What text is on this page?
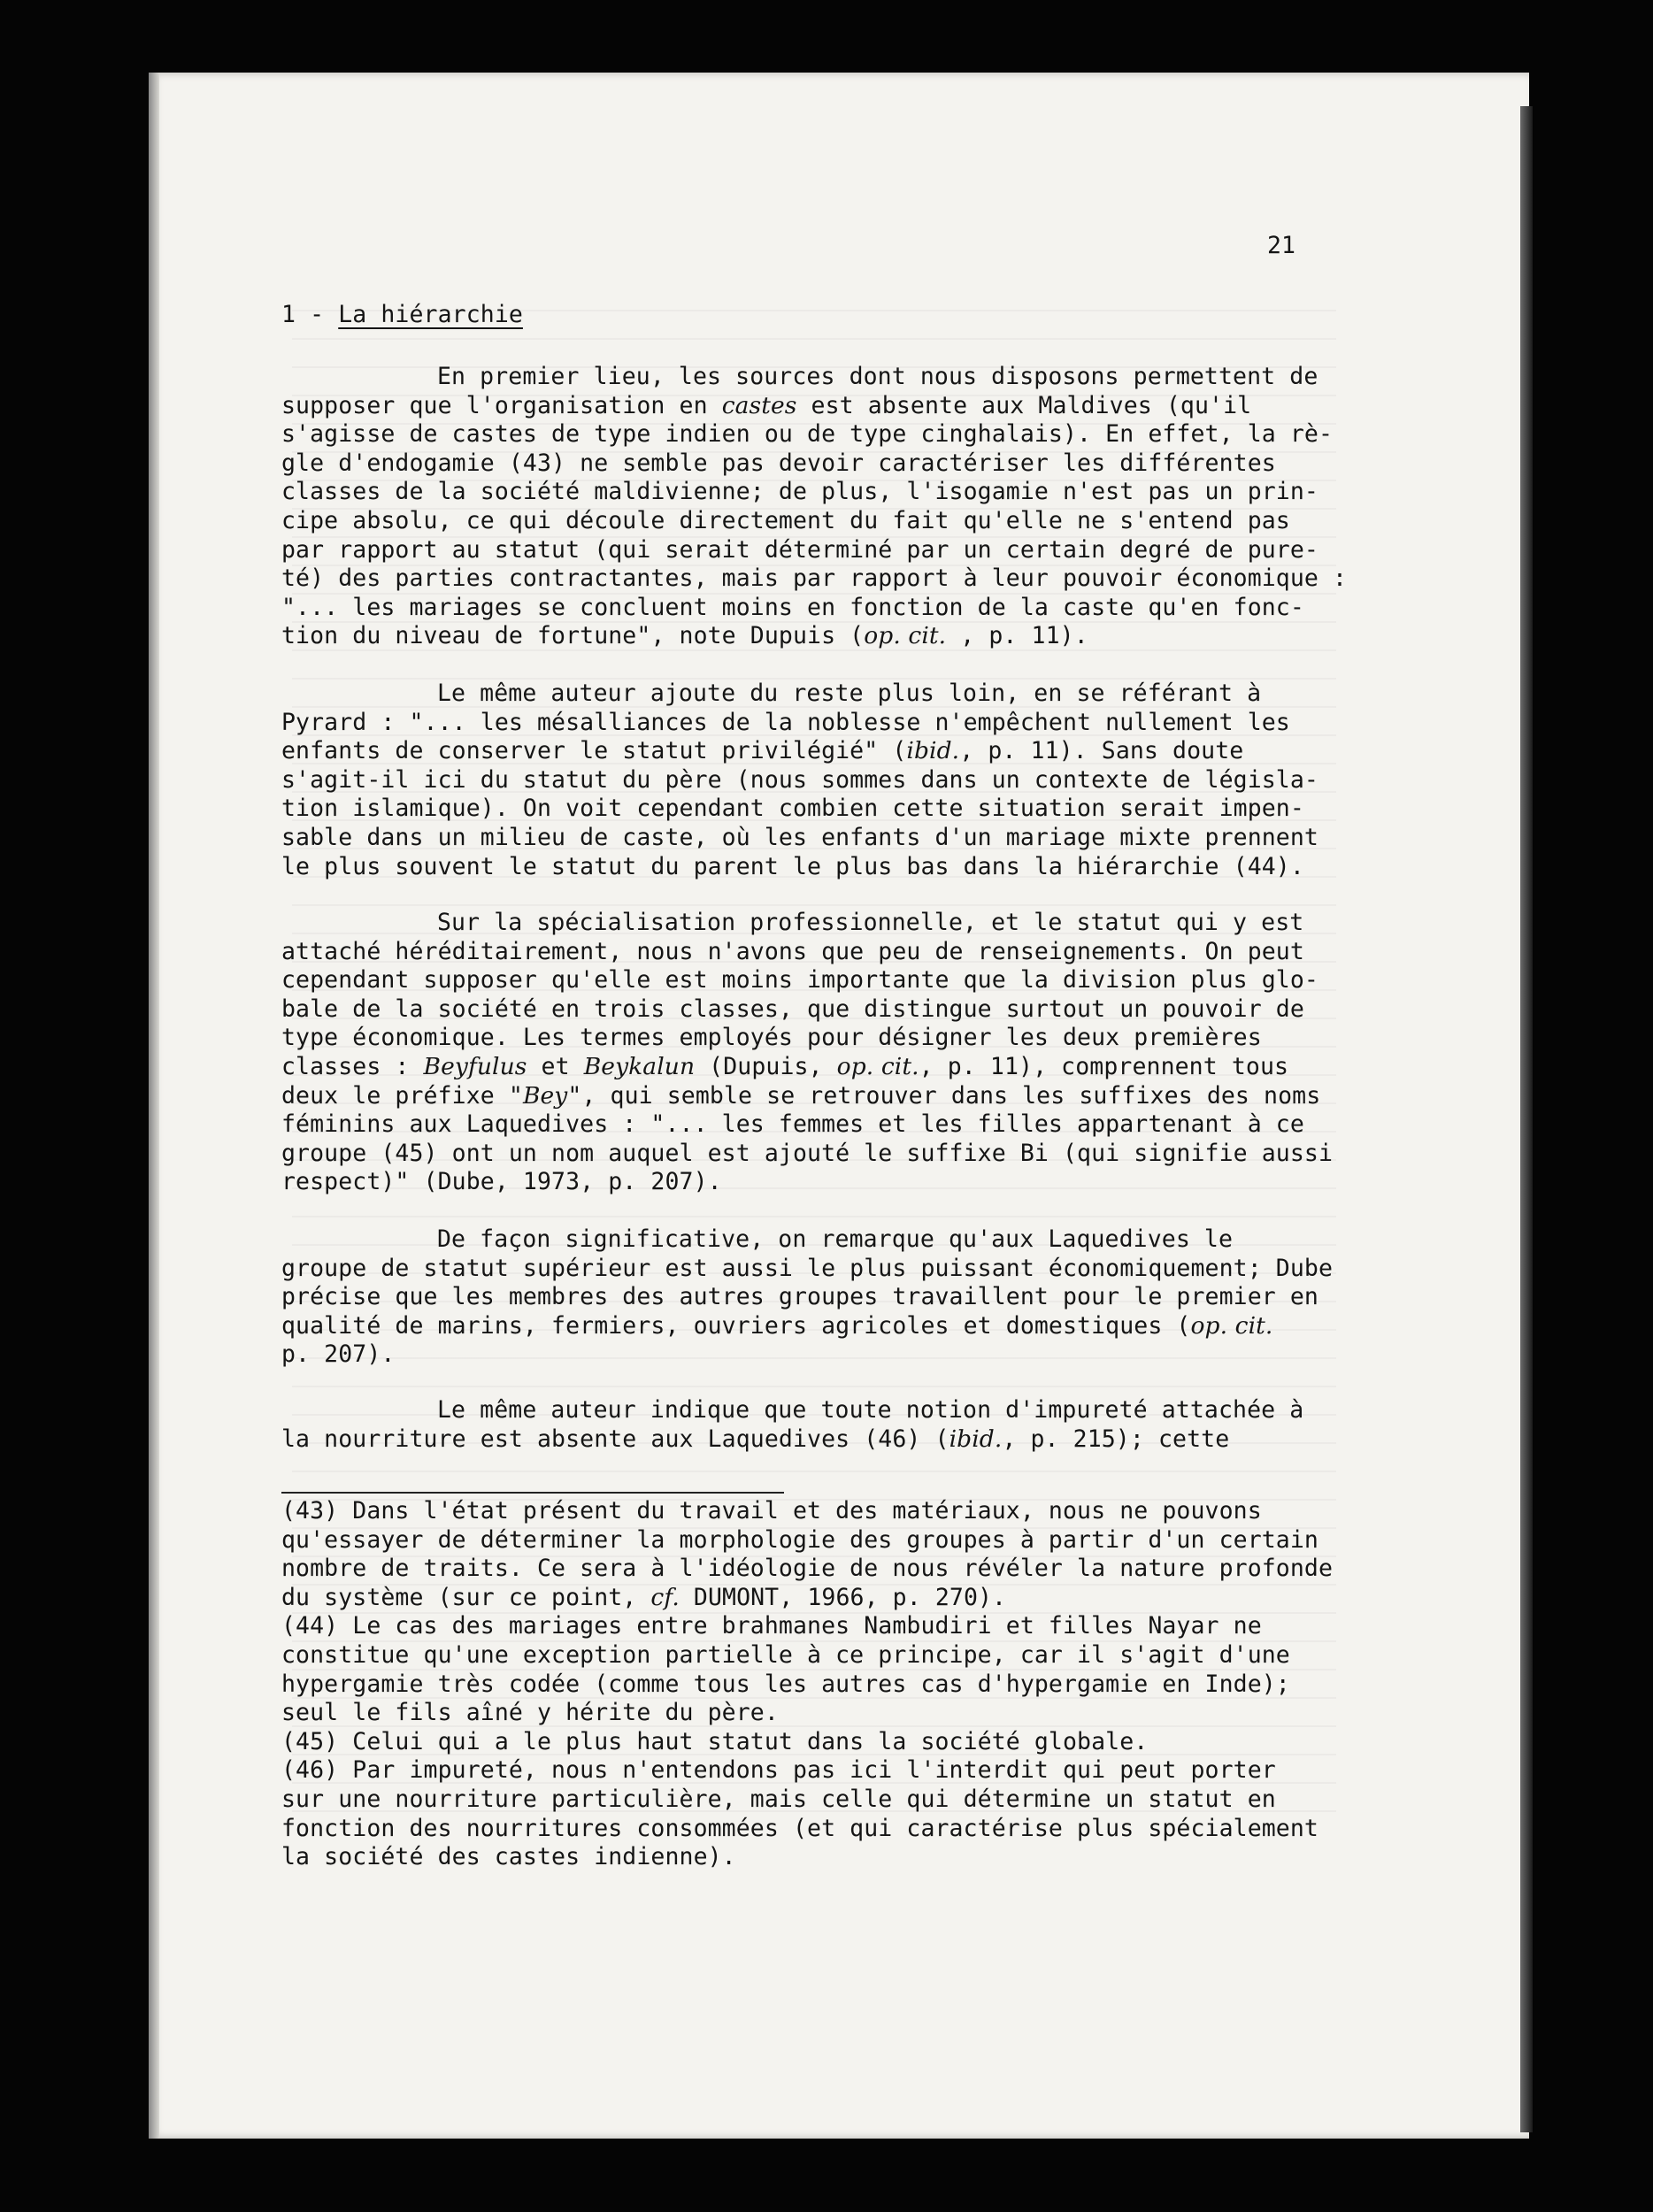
21
1 - La hiérarchie
En premier lieu, les sources dont nous disposons permettent de
supposer que l'organisation en castes est absente aux Maldives (qu'il
s'agisse de castes de type indien ou de type cinghalais). En effet, la rè-
gle d'endogamie (43) ne semble pas devoir caractériser les différentes
classes de la société maldivienne; de plus, l'isogamie n'est pas un prin-
cipe absolu, ce qui découle directement du fait qu'elle ne s'entend pas
par rapport au statut (qui serait déterminé par un certain degré de pure-
té) des parties contractantes, mais par rapport à leur pouvoir économique :
"... les mariages se concluent moins en fonction de la caste qu'en fonc-
tion du niveau de fortune", note Dupuis (op. cit. , p. 11).
Le même auteur ajoute du reste plus loin, en se référant à
Pyrard : "... les mésalliances de la noblesse n'empêchent nullement les
enfants de conserver le statut privilégié" (ibid., p. 11). Sans doute
s'agit-il ici du statut du père (nous sommes dans un contexte de législa-
tion islamique). On voit cependant combien cette situation serait impen-
sable dans un milieu de caste, où les enfants d'un mariage mixte prennent
le plus souvent le statut du parent le plus bas dans la hiérarchie (44).
Sur la spécialisation professionnelle, et le statut qui y est
attaché héréditairement, nous n'avons que peu de renseignements. On peut
cependant supposer qu'elle est moins importante que la division plus glo-
bale de la société en trois classes, que distingue surtout un pouvoir de
type économique. Les termes employés pour désigner les deux premières
classes : Beyfulus et Beykalun (Dupuis, op. cit., p. 11), comprennent tous
deux le préfixe "Bey", qui semble se retrouver dans les suffixes des noms
féminins aux Laquedives : "... les femmes et les filles appartenant à ce
groupe (45) ont un nom auquel est ajouté le suffixe Bi (qui signifie aussi
respect)" (Dube, 1973, p. 207).
De façon significative, on remarque qu'aux Laquedives le
groupe de statut supérieur est aussi le plus puissant économiquement; Dube
précise que les membres des autres groupes travaillent pour le premier en
qualité de marins, fermiers, ouvriers agricoles et domestiques (op. cit.
p. 207).
Le même auteur indique que toute notion d'impureté attachée à
la nourriture est absente aux Laquedives (46) (ibid., p. 215); cette
(43) Dans l'état présent du travail et des matériaux, nous ne pouvons
qu'essayer de déterminer la morphologie des groupes à partir d'un certain
nombre de traits. Ce sera à l'idéologie de nous révéler la nature profonde
du système (sur ce point, cf. DUMONT, 1966, p. 270).
(44) Le cas des mariages entre brahmanes Nambudiri et filles Nayar ne
constitue qu'une exception partielle à ce principe, car il s'agit d'une
hypergamie très codée (comme tous les autres cas d'hypergamie en Inde);
seul le fils aîné y hérite du père.
(45) Celui qui a le plus haut statut dans la société globale.
(46) Par impureté, nous n'entendons pas ici l'interdit qui peut porter
sur une nourriture particulière, mais celle qui détermine un statut en
fonction des nourritures consommées (et qui caractérise plus spécialement
la société des castes indienne).
